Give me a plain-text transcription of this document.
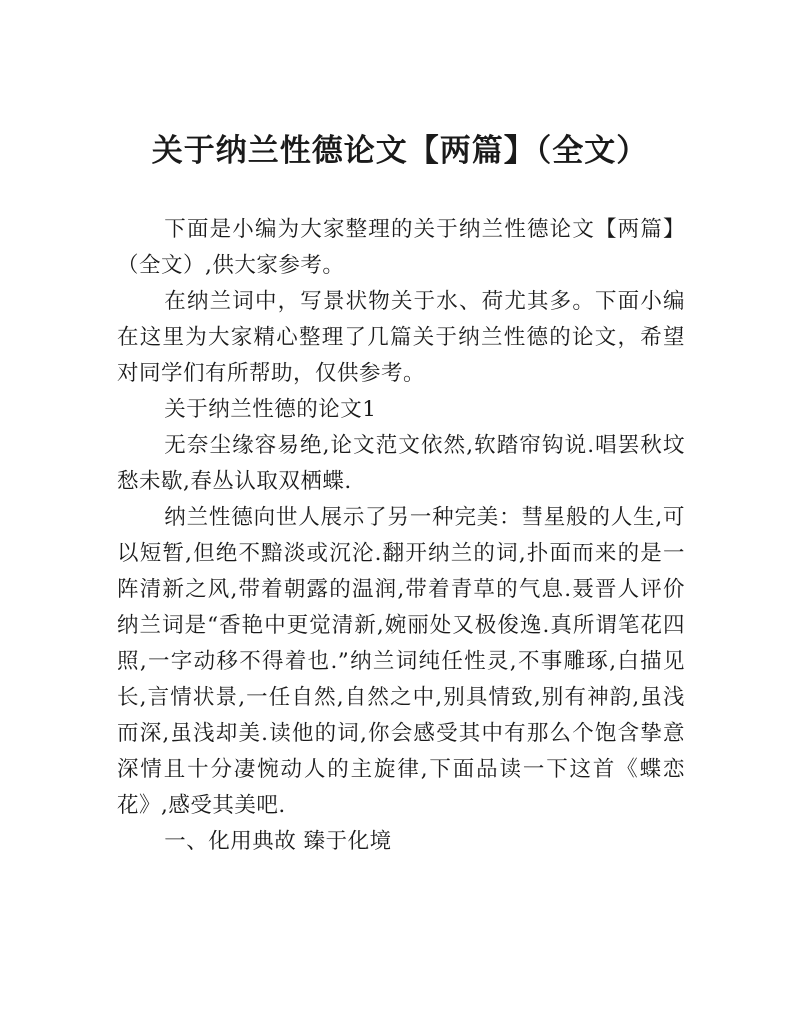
关于纳兰性德论文【两篇】（全文）

下面是小编为大家整理的关于纳兰性德论文【两篇】（全文）,供大家参考。

在纳兰词中，写景状物关于水、荷尤其多。下面小编在这里为大家精心整理了几篇关于纳兰性德的论文，希望对同学们有所帮助，仅供参考。

关于纳兰性德的论文1

无奈尘缘容易绝,论文范文依然,软踏帘钩说.唱罢秋坟愁未歇,春丛认取双栖蝶.

纳兰性德向世人展示了另一种完美：彗星般的人生,可以短暂,但绝不黯淡或沉沦.翻开纳兰的词,扑面而来的是一阵清新之风,带着朝露的温润,带着青草的气息.聂晋人评价纳兰词是“香艳中更觉清新,婉丽处又极俊逸.真所谓笔花四照,一字动移不得着也.”纳兰词纯任性灵,不事雕琢,白描见长,言情状景,一任自然,自然之中,别具情致,别有神韵,虽浅而深,虽浅却美.读他的词,你会感受其中有那么个饱含挚意深情且十分凄惋动人的主旋律,下面品读一下这首《蝶恋花》,感受其美吧.

一、化用典故 臻于化境
